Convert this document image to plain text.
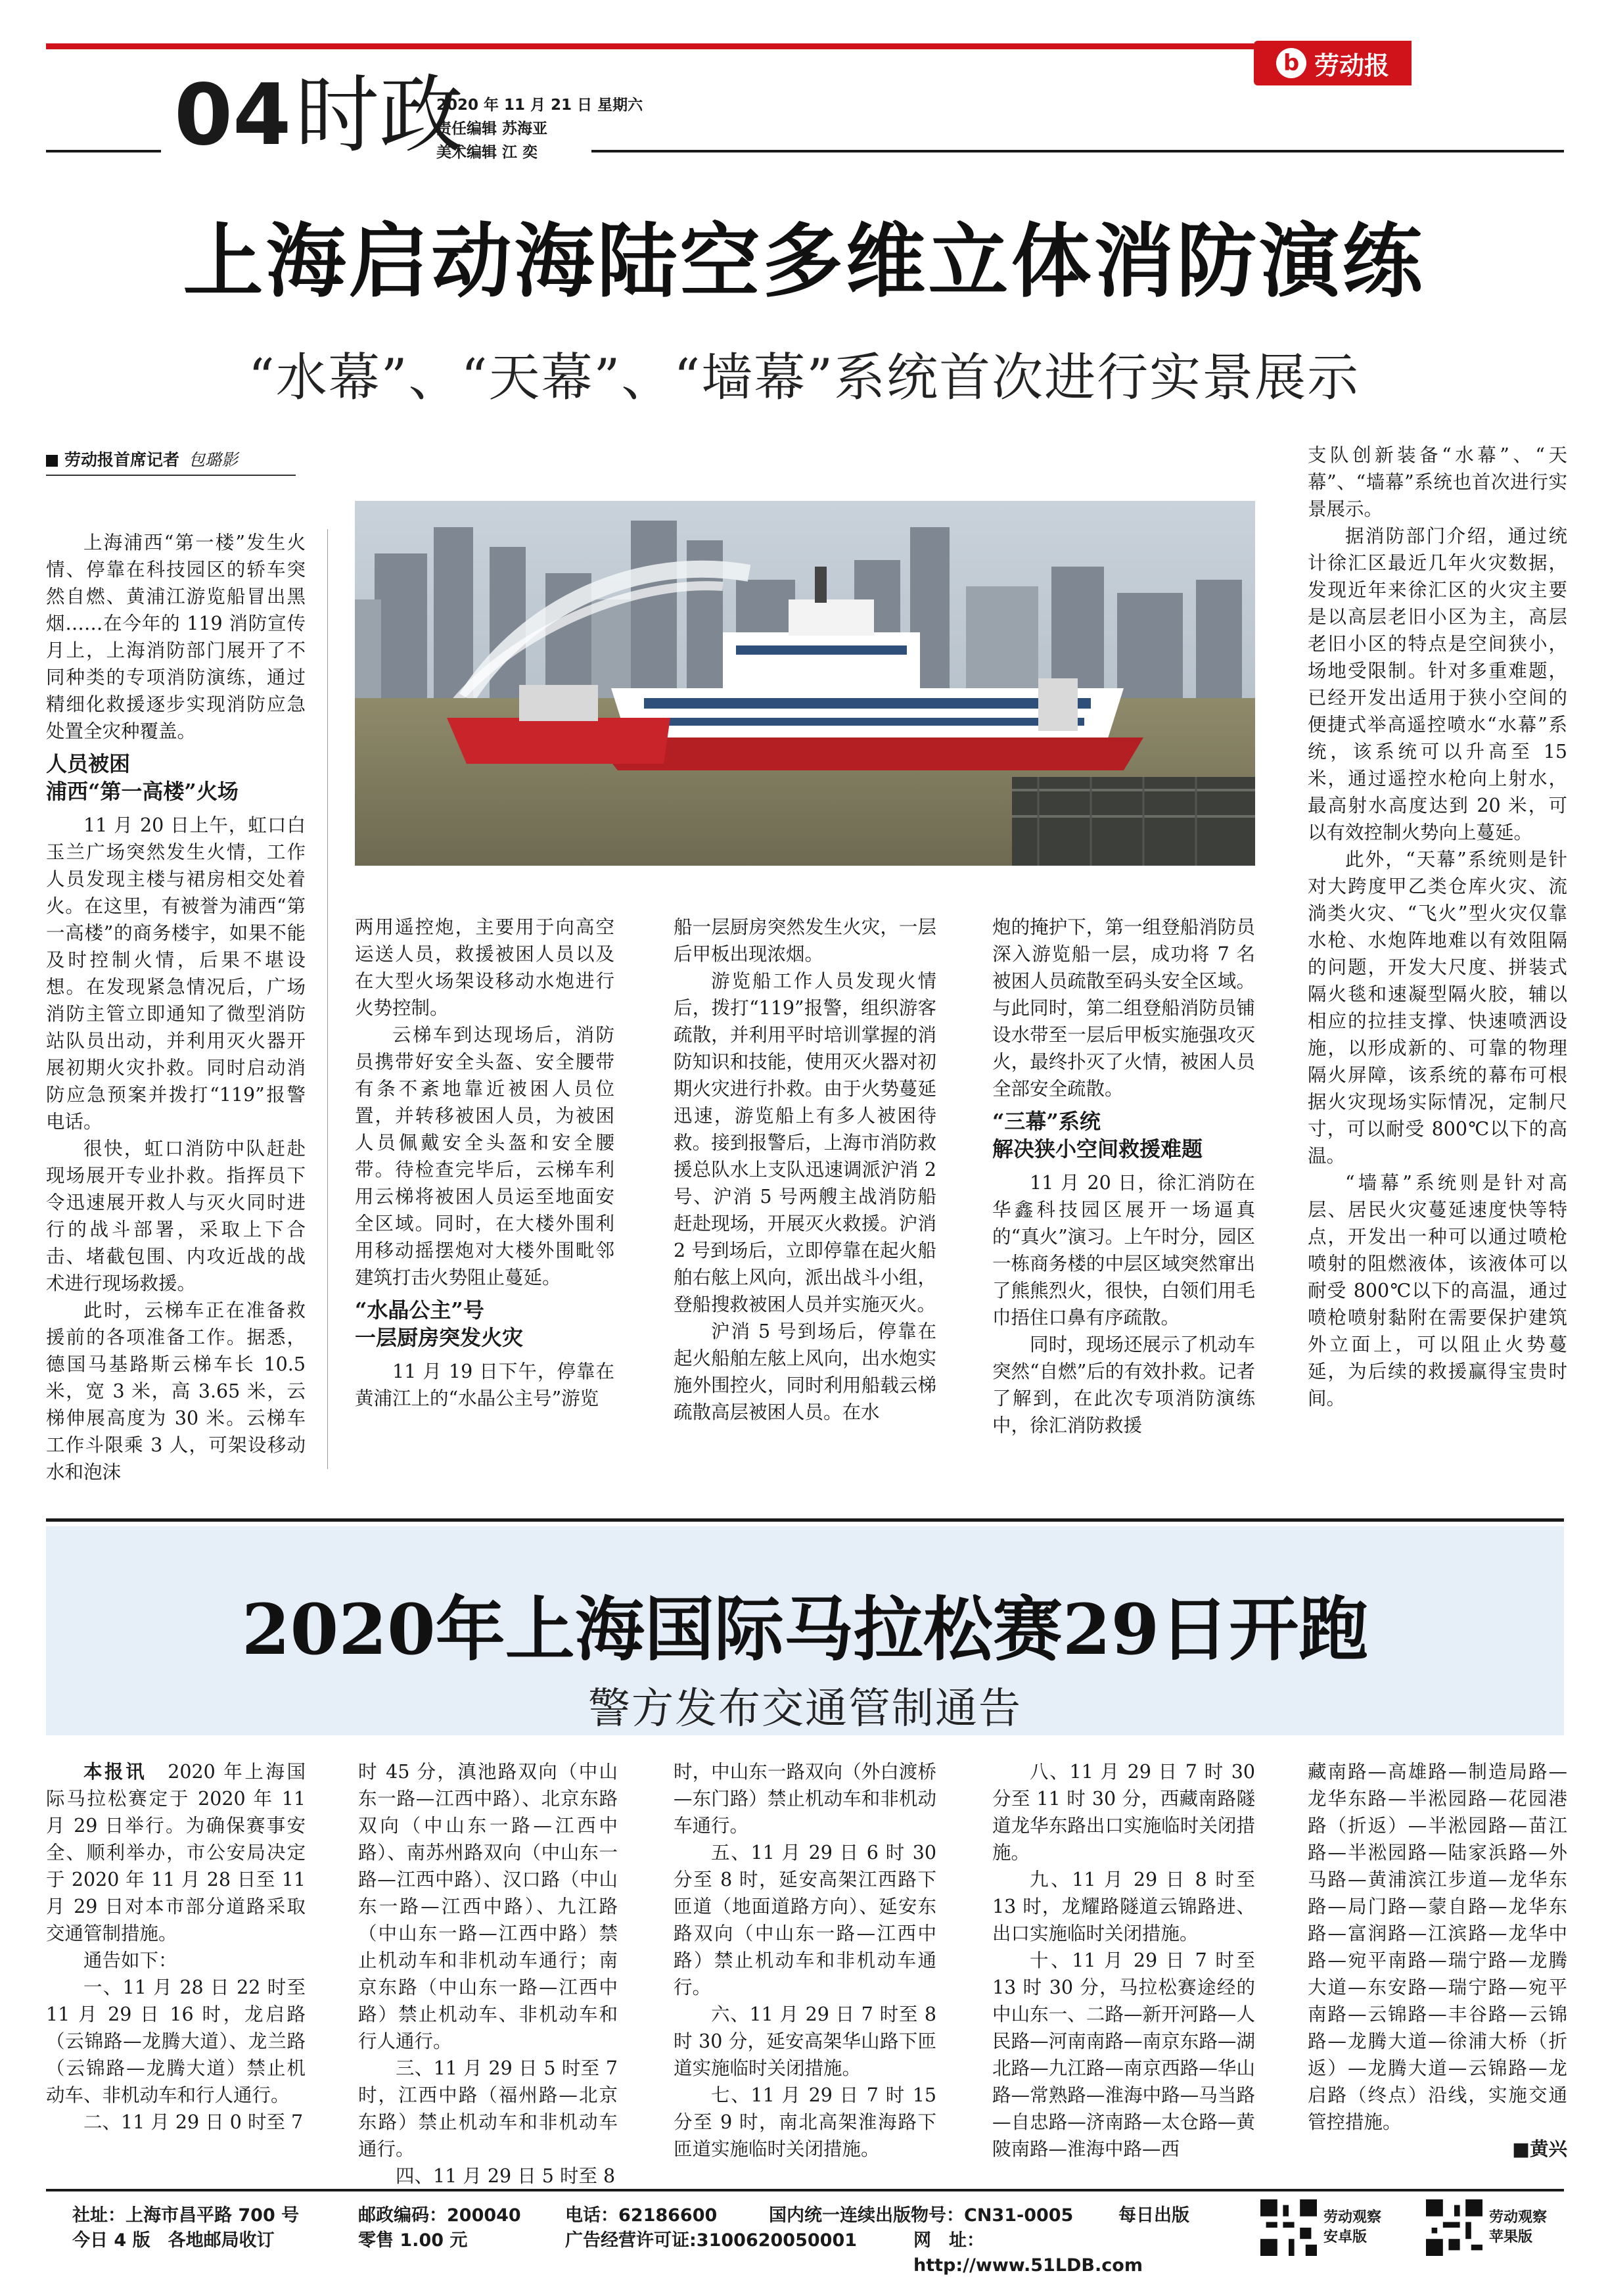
b 劳动报
04时政
2020 年 11 月 21 日 星期六
责任编辑 苏海亚
美术编辑 江 奕
上海启动海陆空多维立体消防演练
“水幕”、“天幕”、“墙幕”系统首次进行实景展示
劳动报首席记者 包璐影

上海浦西“第一楼”发生火情、停靠在科技园区的轿车突然自燃、黄浦江游览船冒出黑烟……在今年的 119 消防宣传月上，上海消防部门展开了不同种类的专项消防演练，通过精细化救援逐步实现消防应急处置全灾种覆盖。

人员被困
浦西“第一高楼”火场

11 月 20 日上午，虹口白玉兰广场突然发生火情，工作人员发现主楼与裙房相交处着火。在这里，有被誉为浦西“第一高楼”的商务楼宇，如果不能及时控制火情，后果不堪设想。在发现紧急情况后，广场消防主管立即通知了微型消防站队员出动，并利用灭火器开展初期火灾扑救。同时启动消防应急预案并拨打“119”报警电话。

很快，虹口消防中队赶赴现场展开专业扑救。指挥员下令迅速展开救人与灭火同时进行的战斗部署，采取上下合击、堵截包围、内攻近战的战术进行现场救援。

此时，云梯车正在准备救援前的各项准备工作。据悉，德国马基路斯云梯车长 10.5 米，宽 3 米，高 3.65 米，云梯伸展高度为 30 米。云梯车工作斗限乘 3 人，可架设移动水和泡沫

两用遥控炮，主要用于向高空运送人员，救援被困人员以及在大型火场架设移动水炮进行火势控制。

云梯车到达现场后，消防员携带好安全头盔、安全腰带有条不紊地靠近被困人员位置，并转移被困人员，为被困人员佩戴安全头盔和安全腰带。待检查完毕后，云梯车利用云梯将被困人员运至地面安全区域。同时，在大楼外围利用移动摇摆炮对大楼外围毗邻建筑打击火势阻止蔓延。

“水晶公主”号
一层厨房突发火灾

11 月 19 日下午，停靠在黄浦江上的“水晶公主号”游览

船一层厨房突然发生火灾，一层后甲板出现浓烟。

游览船工作人员发现火情后，拨打“119”报警，组织游客疏散，并利用平时培训掌握的消防知识和技能，使用灭火器对初期火灾进行扑救。由于火势蔓延迅速，游览船上有多人被困待救。接到报警后，上海市消防救援总队水上支队迅速调派沪消 2 号、沪消 5 号两艘主战消防船赶赴现场，开展灭火救援。沪消 2 号到场后，立即停靠在起火船舶右舷上风向，派出战斗小组，登船搜救被困人员并实施灭火。

沪消 5 号到场后，停靠在起火船舶左舷上风向，出水炮实施外围控火，同时利用船载云梯疏散高层被困人员。在水

炮的掩护下，第一组登船消防员深入游览船一层，成功将 7 名被困人员疏散至码头安全区域。与此同时，第二组登船消防员铺设水带至一层后甲板实施强攻灭火，最终扑灭了火情，被困人员全部安全疏散。

“三幕”系统
解决狭小空间救援难题

11 月 20 日，徐汇消防在华鑫科技园区展开一场逼真的“真火”演习。上午时分，园区一栋商务楼的中层区域突然窜出了熊熊烈火，很快，白领们用毛巾捂住口鼻有序疏散。

同时，现场还展示了机动车突然“自燃”后的有效扑救。记者了解到，在此次专项消防演练中，徐汇消防救援

支队创新装备“水幕”、“天幕”、“墙幕”系统也首次进行实景展示。

据消防部门介绍，通过统计徐汇区最近几年火灾数据，发现近年来徐汇区的火灾主要是以高层老旧小区为主，高层老旧小区的特点是空间狭小，场地受限制。针对多重难题，已经开发出适用于狭小空间的便捷式举高遥控喷水“水幕”系统，该系统可以升高至 15 米，通过遥控水枪向上射水，最高射水高度达到 20 米，可以有效控制火势向上蔓延。

此外，“天幕”系统则是针对大跨度甲乙类仓库火灾、流淌类火灾、“飞火”型火灾仅靠水枪、水炮阵地难以有效阻隔的问题，开发大尺度、拼装式隔火毯和速凝型隔火胶，辅以相应的拉挂支撑、快速喷洒设施，以形成新的、可靠的物理隔火屏障，该系统的幕布可根据火灾现场实际情况，定制尺寸，可以耐受 800℃以下的高温。

“墙幕”系统则是针对高层、居民火灾蔓延速度快等特点，开发出一种可以通过喷枪喷射的阻燃液体，该液体可以耐受 800℃以下的高温，通过喷枪喷射黏附在需要保护建筑外立面上，可以阻止火势蔓延，为后续的救援赢得宝贵时间。

2020年上海国际马拉松赛29日开跑
警方发布交通管制通告

本报讯　 2020 年上海国际马拉松赛定于 2020 年 11 月 29 日举行。为确保赛事安全、顺利举办，市公安局决定于 2020 年 11 月 28 日至 11 月 29 日对本市部分道路采取交通管制措施。

通告如下：

一、11 月 28 日 22 时至 11 月 29 日 16 时，龙启路（云锦路—龙腾大道）、龙兰路（云锦路—龙腾大道）禁止机动车、非机动车和行人通行。

二、11 月 29 日 0 时至 7

时 45 分，滇池路双向（中山东一路—江西中路）、北京东路双向（中山东一路—江西中路）、南苏州路双向（中山东一路—江西中路）、汉口路（中山东一路—江西中路）、九江路（中山东一路—江西中路）禁止机动车和非机动车通行；南京东路（中山东一路—江西中路）禁止机动车、非机动车和行人通行。

三、11 月 29 日 5 时至 7 时，江西中路（福州路—北京东路）禁止机动车和非机动车通行。

四、11 月 29 日 5 时至 8

时，中山东一路双向（外白渡桥—东门路）禁止机动车和非机动车通行。

五、11 月 29 日 6 时 30 分至 8 时，延安高架江西路下匝道（地面道路方向）、延安东路双向（中山东一路—江西中路）禁止机动车和非机动车通行。

六、11 月 29 日 7 时至 8 时 30 分，延安高架华山路下匝道实施临时关闭措施。

七、11 月 29 日 7 时 15 分至 9 时，南北高架淮海路下匝道实施临时关闭措施。

八、11 月 29 日 7 时 30 分至 11 时 30 分，西藏南路隧道龙华东路出口实施临时关闭措施。

九、11 月 29 日 8 时至 13 时，龙耀路隧道云锦路进、出口实施临时关闭措施。

十、11 月 29 日 7 时至 13 时 30 分，马拉松赛途经的中山东一、二路—新开河路—人民路—河南南路—南京东路—湖北路—九江路—南京西路—华山路—常熟路—淮海中路—马当路—自忠路—济南路—太仓路—黄陂南路—淮海中路—西

藏南路—高雄路—制造局路—龙华东路—半淞园路—花园港路（折返）—半淞园路—苗江路—半淞园路—陆家浜路—外马路—黄浦滨江步道—龙华东路—局门路—蒙自路—龙华东路—富润路—江滨路—龙华中路—宛平南路—瑞宁路—龙腾大道—东安路—瑞宁路—宛平南路—云锦路—丰谷路—云锦路—龙腾大道—徐浦大桥（折返）—龙腾大道—云锦路—龙启路（终点）沿线，实施交通管控措施。

■黄兴
社址：上海市昌平路 700 号
今日 4 版　各地邮局收订
邮政编码：200040
零售 1.00 元
电话：62186600
广告经营许可证:3100620050001
国内统一连续出版物号：CN31-0005	每日出版
网　址：http://www.51LDB.com
劳动观察
安卓版
劳动观察
苹果版
